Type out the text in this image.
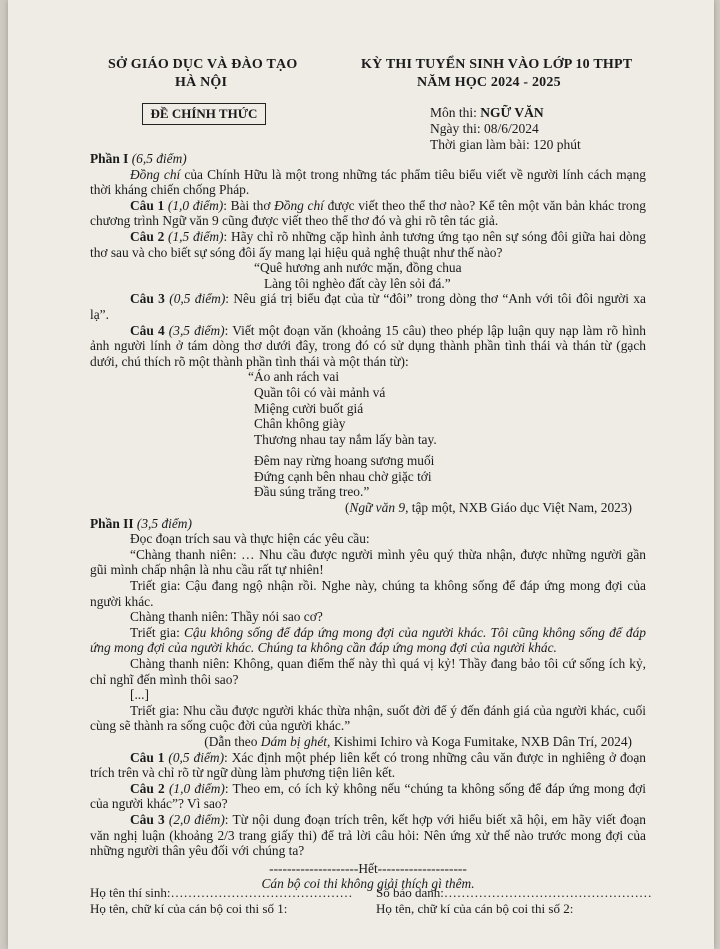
SỞ GIÁO DỤC VÀ ĐÀO TẠO
HÀ NỘI
KỲ THI TUYỂN SINH VÀO LỚP 10 THPT
NĂM HỌC 2024 - 2025
ĐỀ CHÍNH THỨC	Môn thi: NGỮ VĂN
Ngày thi: 08/6/2024
Thời gian làm bài: 120 phút

Phần I (6,5 điểm)

Đồng chí của Chính Hữu là một trong những tác phẩm tiêu biểu viết về người lính cách mạng thời kháng chiến chống Pháp.

Câu 1 (1,0 điểm): Bài thơ Đồng chí được viết theo thể thơ nào? Kể tên một văn bản khác trong chương trình Ngữ văn 9 cũng được viết theo thể thơ đó và ghi rõ tên tác giả.

Câu 2 (1,5 điểm): Hãy chỉ rõ những cặp hình ảnh tương ứng tạo nên sự sóng đôi giữa hai dòng thơ sau và cho biết sự sóng đôi ấy mang lại hiệu quả nghệ thuật như thế nào?

“Quê hương anh nước mặn, đồng chua
Làng tôi nghèo đất cày lên sỏi đá.”

Câu 3 (0,5 điểm): Nêu giá trị biểu đạt của từ “đôi” trong dòng thơ “Anh với tôi đôi người xa lạ”.

Câu 4 (3,5 điểm): Viết một đoạn văn (khoảng 15 câu) theo phép lập luận quy nạp làm rõ hình ảnh người lính ở tám dòng thơ dưới đây, trong đó có sử dụng thành phần tình thái và thán từ (gạch dưới, chú thích rõ một thành phần tình thái và một thán từ):

“Áo anh rách vai
Quần tôi có vài mảnh vá
Miệng cười buốt giá
Chân không giày
Thương nhau tay nắm lấy bàn tay.
Đêm nay rừng hoang sương muối
Đứng cạnh bên nhau chờ giặc tới
Đầu súng trăng treo.”

(Ngữ văn 9, tập một, NXB Giáo dục Việt Nam, 2023)

Phần II (3,5 điểm)

Đọc đoạn trích sau và thực hiện các yêu cầu:

“Chàng thanh niên: … Nhu cầu được người mình yêu quý thừa nhận, được những người gần gũi mình chấp nhận là nhu cầu rất tự nhiên!

Triết gia: Cậu đang ngộ nhận rồi. Nghe này, chúng ta không sống để đáp ứng mong đợi của người khác.

Chàng thanh niên: Thầy nói sao cơ?

Triết gia: Cậu không sống để đáp ứng mong đợi của người khác. Tôi cũng không sống để đáp ứng mong đợi của người khác. Chúng ta không cần đáp ứng mong đợi của người khác.

Chàng thanh niên: Không, quan điểm thế này thì quá vị kỷ! Thầy đang bảo tôi cứ sống ích kỷ, chỉ nghĩ đến mình thôi sao?

[...]

Triết gia: Nhu cầu được người khác thừa nhận, suốt đời để ý đến đánh giá của người khác, cuối cùng sẽ thành ra sống cuộc đời của người khác.”

(Dẫn theo Dám bị ghét, Kishimi Ichiro và Koga Fumitake, NXB Dân Trí, 2024)

Câu 1 (0,5 điểm): Xác định một phép liên kết có trong những câu văn được in nghiêng ở đoạn trích trên và chỉ rõ từ ngữ dùng làm phương tiện liên kết.

Câu 2 (1,0 điểm): Theo em, có ích kỷ không nếu “chúng ta không sống để đáp ứng mong đợi của người khác”? Vì sao?

Câu 3 (2,0 điểm): Từ nội dung đoạn trích trên, kết hợp với hiểu biết xã hội, em hãy viết đoạn văn nghị luận (khoảng 2/3 trang giấy thi) để trả lời câu hỏi: Nên ứng xử thế nào trước mong đợi của những người thân yêu đối với chúng ta?

--------------------Hết--------------------

Cán bộ coi thi không giải thích gì thêm.

Họ tên thí sinh:…………………………………… Số báo danh:…………………………………………
Họ tên, chữ kí của cán bộ coi thi số 1:	Họ tên, chữ kí của cán bộ coi thi số 2:
